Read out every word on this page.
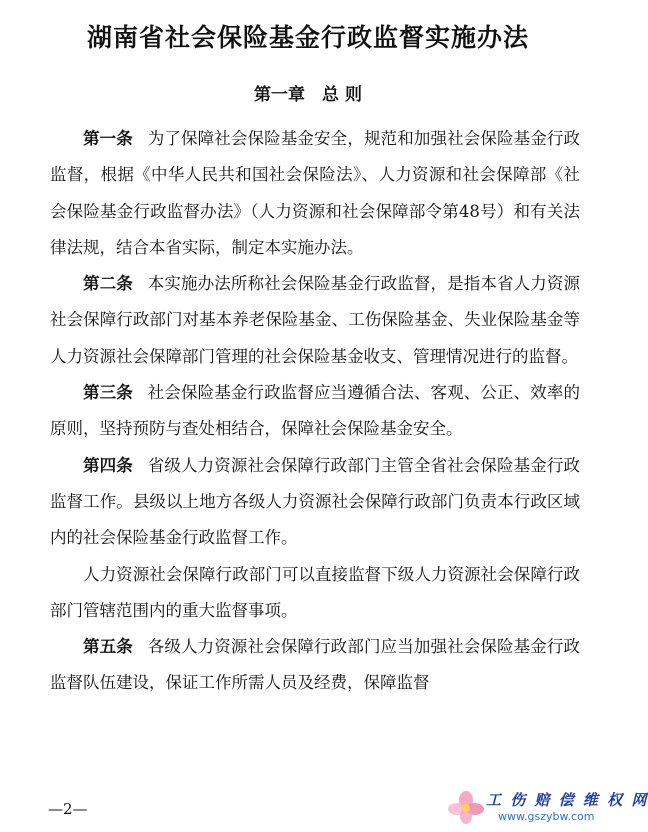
湖南省社会保险基金行政监督实施办法
第一章　总 则

第一条 为了保障社会保险基金安全，规范和加强社会保险基金行政监督，根据《中华人民共和国社会保险法》、人力资源和社会保障部《社会保险基金行政监督办法》（人力资源和社会保障部令第48号）和有关法律法规，结合本省实际，制定本实施办法。

第二条 本实施办法所称社会保险基金行政监督，是指本省人力资源社会保障行政部门对基本养老保险基金、工伤保险基金、失业保险基金等人力资源社会保障部门管理的社会保险基金收支、管理情况进行的监督。

第三条 社会保险基金行政监督应当遵循合法、客观、公正、效率的原则，坚持预防与查处相结合，保障社会保险基金安全。

第四条 省级人力资源社会保障行政部门主管全省社会保险基金行政监督工作。县级以上地方各级人力资源社会保障行政部门负责本行政区域内的社会保险基金行政监督工作。

人力资源社会保障行政部门可以直接监督下级人力资源社会保障行政部门管辖范围内的重大监督事项。

第五条 各级人力资源社会保障行政部门应当加强社会保险基金行政监督队伍建设，保证工作所需人员及经费，保障监督

—2—	工 伤 赔 偿 维 权 网
www.gszybw.com
